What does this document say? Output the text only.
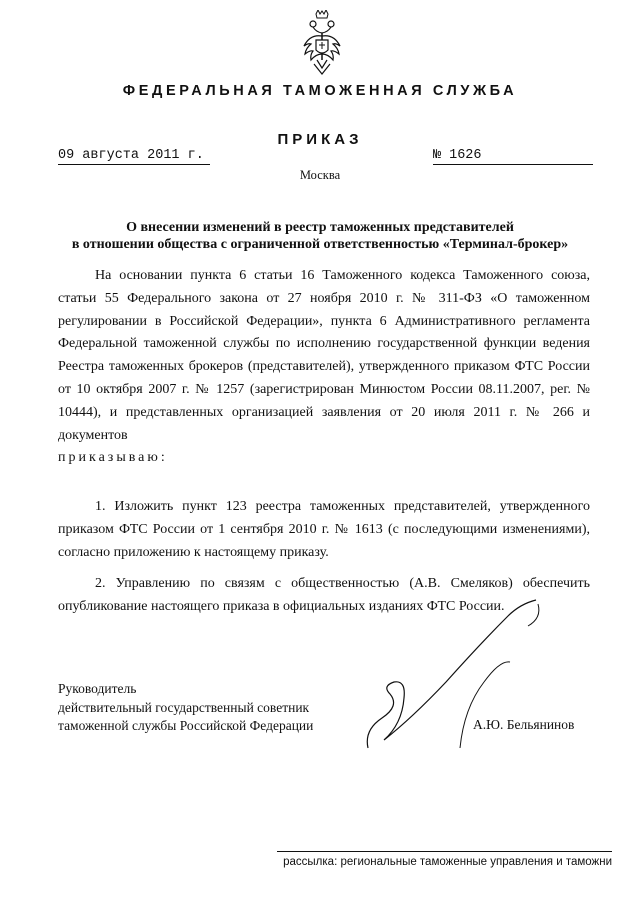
ФЕДЕРАЛЬНАЯ ТАМОЖЕННАЯ СЛУЖБА
ПРИКАЗ
09 августа 2011 г.	№ 1626
Москва
О внесении изменений в реестр таможенных представителей
в отношении общества с ограниченной ответственностью «Терминал-брокер»
На основании пункта 6 статьи 16 Таможенного кодекса Таможенного союза, статьи 55 Федерального закона от 27 ноября 2010 г. № 311-ФЗ «О таможенном регулировании в Российской Федерации», пункта 6 Административного регламента Федеральной таможенной службы по исполнению государственной функции ведения Реестра таможенных брокеров (представителей), утвержденного приказом ФТС России от 10 октября 2007 г. № 1257 (зарегистрирован Минюстом России 08.11.2007, рег. № 10444), и представленных организацией заявления от 20 июля 2011 г. № 266 и документов
приказываю:
1. Изложить пункт 123 реестра таможенных представителей, утвержденного приказом ФТС России от 1 сентября 2010 г. № 1613 (с последующими изменениями), согласно приложению к настоящему приказу.
2. Управлению по связям с общественностью (А.В. Смеляков) обеспечить опубликование настоящего приказа в официальных изданиях ФТС России.
Руководитель
действительный государственный советник
таможенной службы Российской Федерации	А.Ю. Бельянинов
рассылка: региональные таможенные управления и таможни
